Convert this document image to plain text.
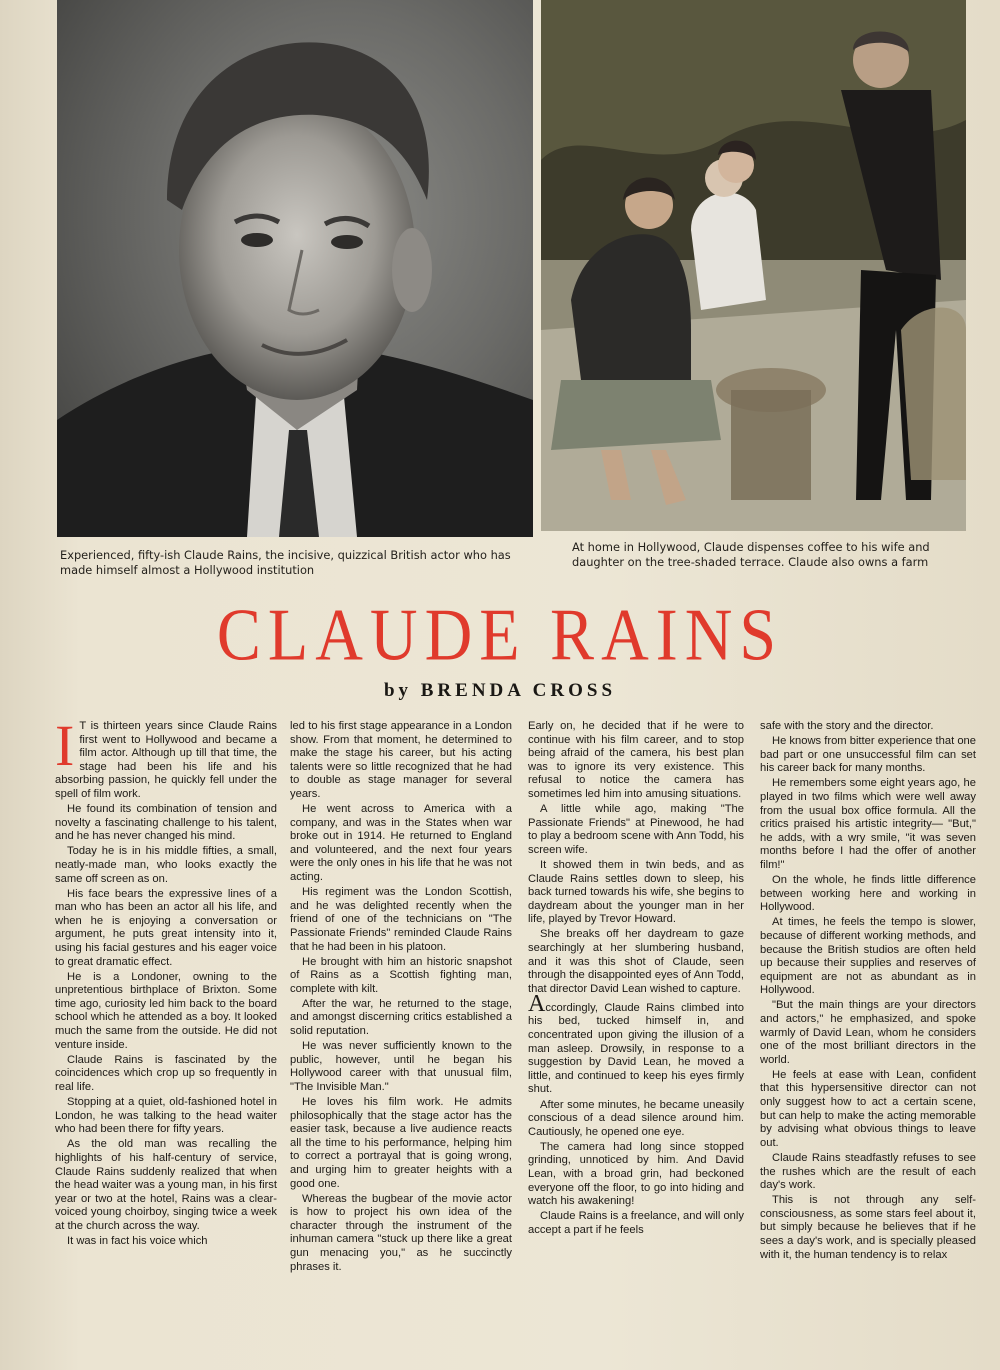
Experienced, fifty-ish Claude Rains, the incisive, quizzical British actor who has made himself almost a Hollywood institution
At home in Hollywood, Claude dispenses coffee to his wife and daughter on the tree-shaded terrace. Claude also owns a farm
CLAUDE RAINS
by BRENDA CROSS

I T is thirteen years since Claude Rains first went to Hollywood and became a film actor. Although up till that time, the stage had been his life and his absorbing passion, he quickly fell under the spell of film work.

He found its combination of tension and novelty a fascinating challenge to his talent, and he has never changed his mind.

Today he is in his middle fifties, a small, neatly-made man, who looks exactly the same off screen as on.

His face bears the expressive lines of a man who has been an actor all his life, and when he is enjoying a conversation or argument, he puts great intensity into it, using his facial gestures and his eager voice to great dramatic effect.

He is a Londoner, owning to the unpretentious birthplace of Brixton. Some time ago, curiosity led him back to the board school which he attended as a boy. It looked much the same from the outside. He did not venture inside.

Claude Rains is fascinated by the coincidences which crop up so frequently in real life.

Stopping at a quiet, old-fashioned hotel in London, he was talking to the head waiter who had been there for fifty years.

As the old man was recalling the highlights of his half-century of service, Claude Rains suddenly realized that when the head waiter was a young man, in his first year or two at the hotel, Rains was a clear-voiced young choirboy, singing twice a week at the church across the way.

It was in fact his voice which

led to his first stage appearance in a London show. From that moment, he determined to make the stage his career, but his acting talents were so little recognized that he had to double as stage manager for several years.

He went across to America with a company, and was in the States when war broke out in 1914. He returned to England and volunteered, and the next four years were the only ones in his life that he was not acting.

His regiment was the London Scottish, and he was delighted recently when the friend of one of the technicians on "The Passionate Friends" reminded Claude Rains that he had been in his platoon.

He brought with him an historic snapshot of Rains as a Scottish fighting man, complete with kilt.

After the war, he returned to the stage, and amongst discerning critics established a solid reputation.

He was never sufficiently known to the public, however, until he began his Hollywood career with that unusual film, "The Invisible Man."

He loves his film work. He admits philosophically that the stage actor has the easier task, because a live audience reacts all the time to his performance, helping him to correct a portrayal that is going wrong, and urging him to greater heights with a good one.

Whereas the bugbear of the movie actor is how to project his own idea of the character through the instrument of the inhuman camera "stuck up there like a great gun menacing you," as he succinctly phrases it.

Early on, he decided that if he were to continue with his film career, and to stop being afraid of the camera, his best plan was to ignore its very existence. This refusal to notice the camera has sometimes led him into amusing situations.

A little while ago, making "The Passionate Friends" at Pinewood, he had to play a bedroom scene with Ann Todd, his screen wife.

It showed them in twin beds, and as Claude Rains settles down to sleep, his back turned towards his wife, she begins to daydream about the younger man in her life, played by Trevor Howard.

She breaks off her daydream to gaze searchingly at her slumbering husband, and it was this shot of Claude, seen through the disappointed eyes of Ann Todd, that director David Lean wished to capture.

Accordingly, Claude Rains climbed into his bed, tucked himself in, and concentrated upon giving the illusion of a man asleep. Drowsily, in response to a suggestion by David Lean, he moved a little, and continued to keep his eyes firmly shut.

After some minutes, he became uneasily conscious of a dead silence around him. Cautiously, he opened one eye.

The camera had long since stopped grinding, unnoticed by him. And David Lean, with a broad grin, had beckoned everyone off the floor, to go into hiding and watch his awakening!

Claude Rains is a freelance, and will only accept a part if he feels

safe with the story and the director.

He knows from bitter experience that one bad part or one unsuccessful film can set his career back for many months.

He remembers some eight years ago, he played in two films which were well away from the usual box office formula. All the critics praised his artistic integrity— "But," he adds, with a wry smile, "it was seven months before I had the offer of another film!"

On the whole, he finds little difference between working here and working in Hollywood.

At times, he feels the tempo is slower, because of different working methods, and because the British studios are often held up because their supplies and reserves of equipment are not as abundant as in Hollywood.

"But the main things are your directors and actors," he emphasized, and spoke warmly of David Lean, whom he considers one of the most brilliant directors in the world.

He feels at ease with Lean, confident that this hypersensitive director can not only suggest how to act a certain scene, but can help to make the acting memorable by advising what obvious things to leave out.

Claude Rains steadfastly refuses to see the rushes which are the result of each day's work.

This is not through any self-consciousness, as some stars feel about it, but simply because he believes that if he sees a day's work, and is specially pleased with it, the human tendency is to relax
